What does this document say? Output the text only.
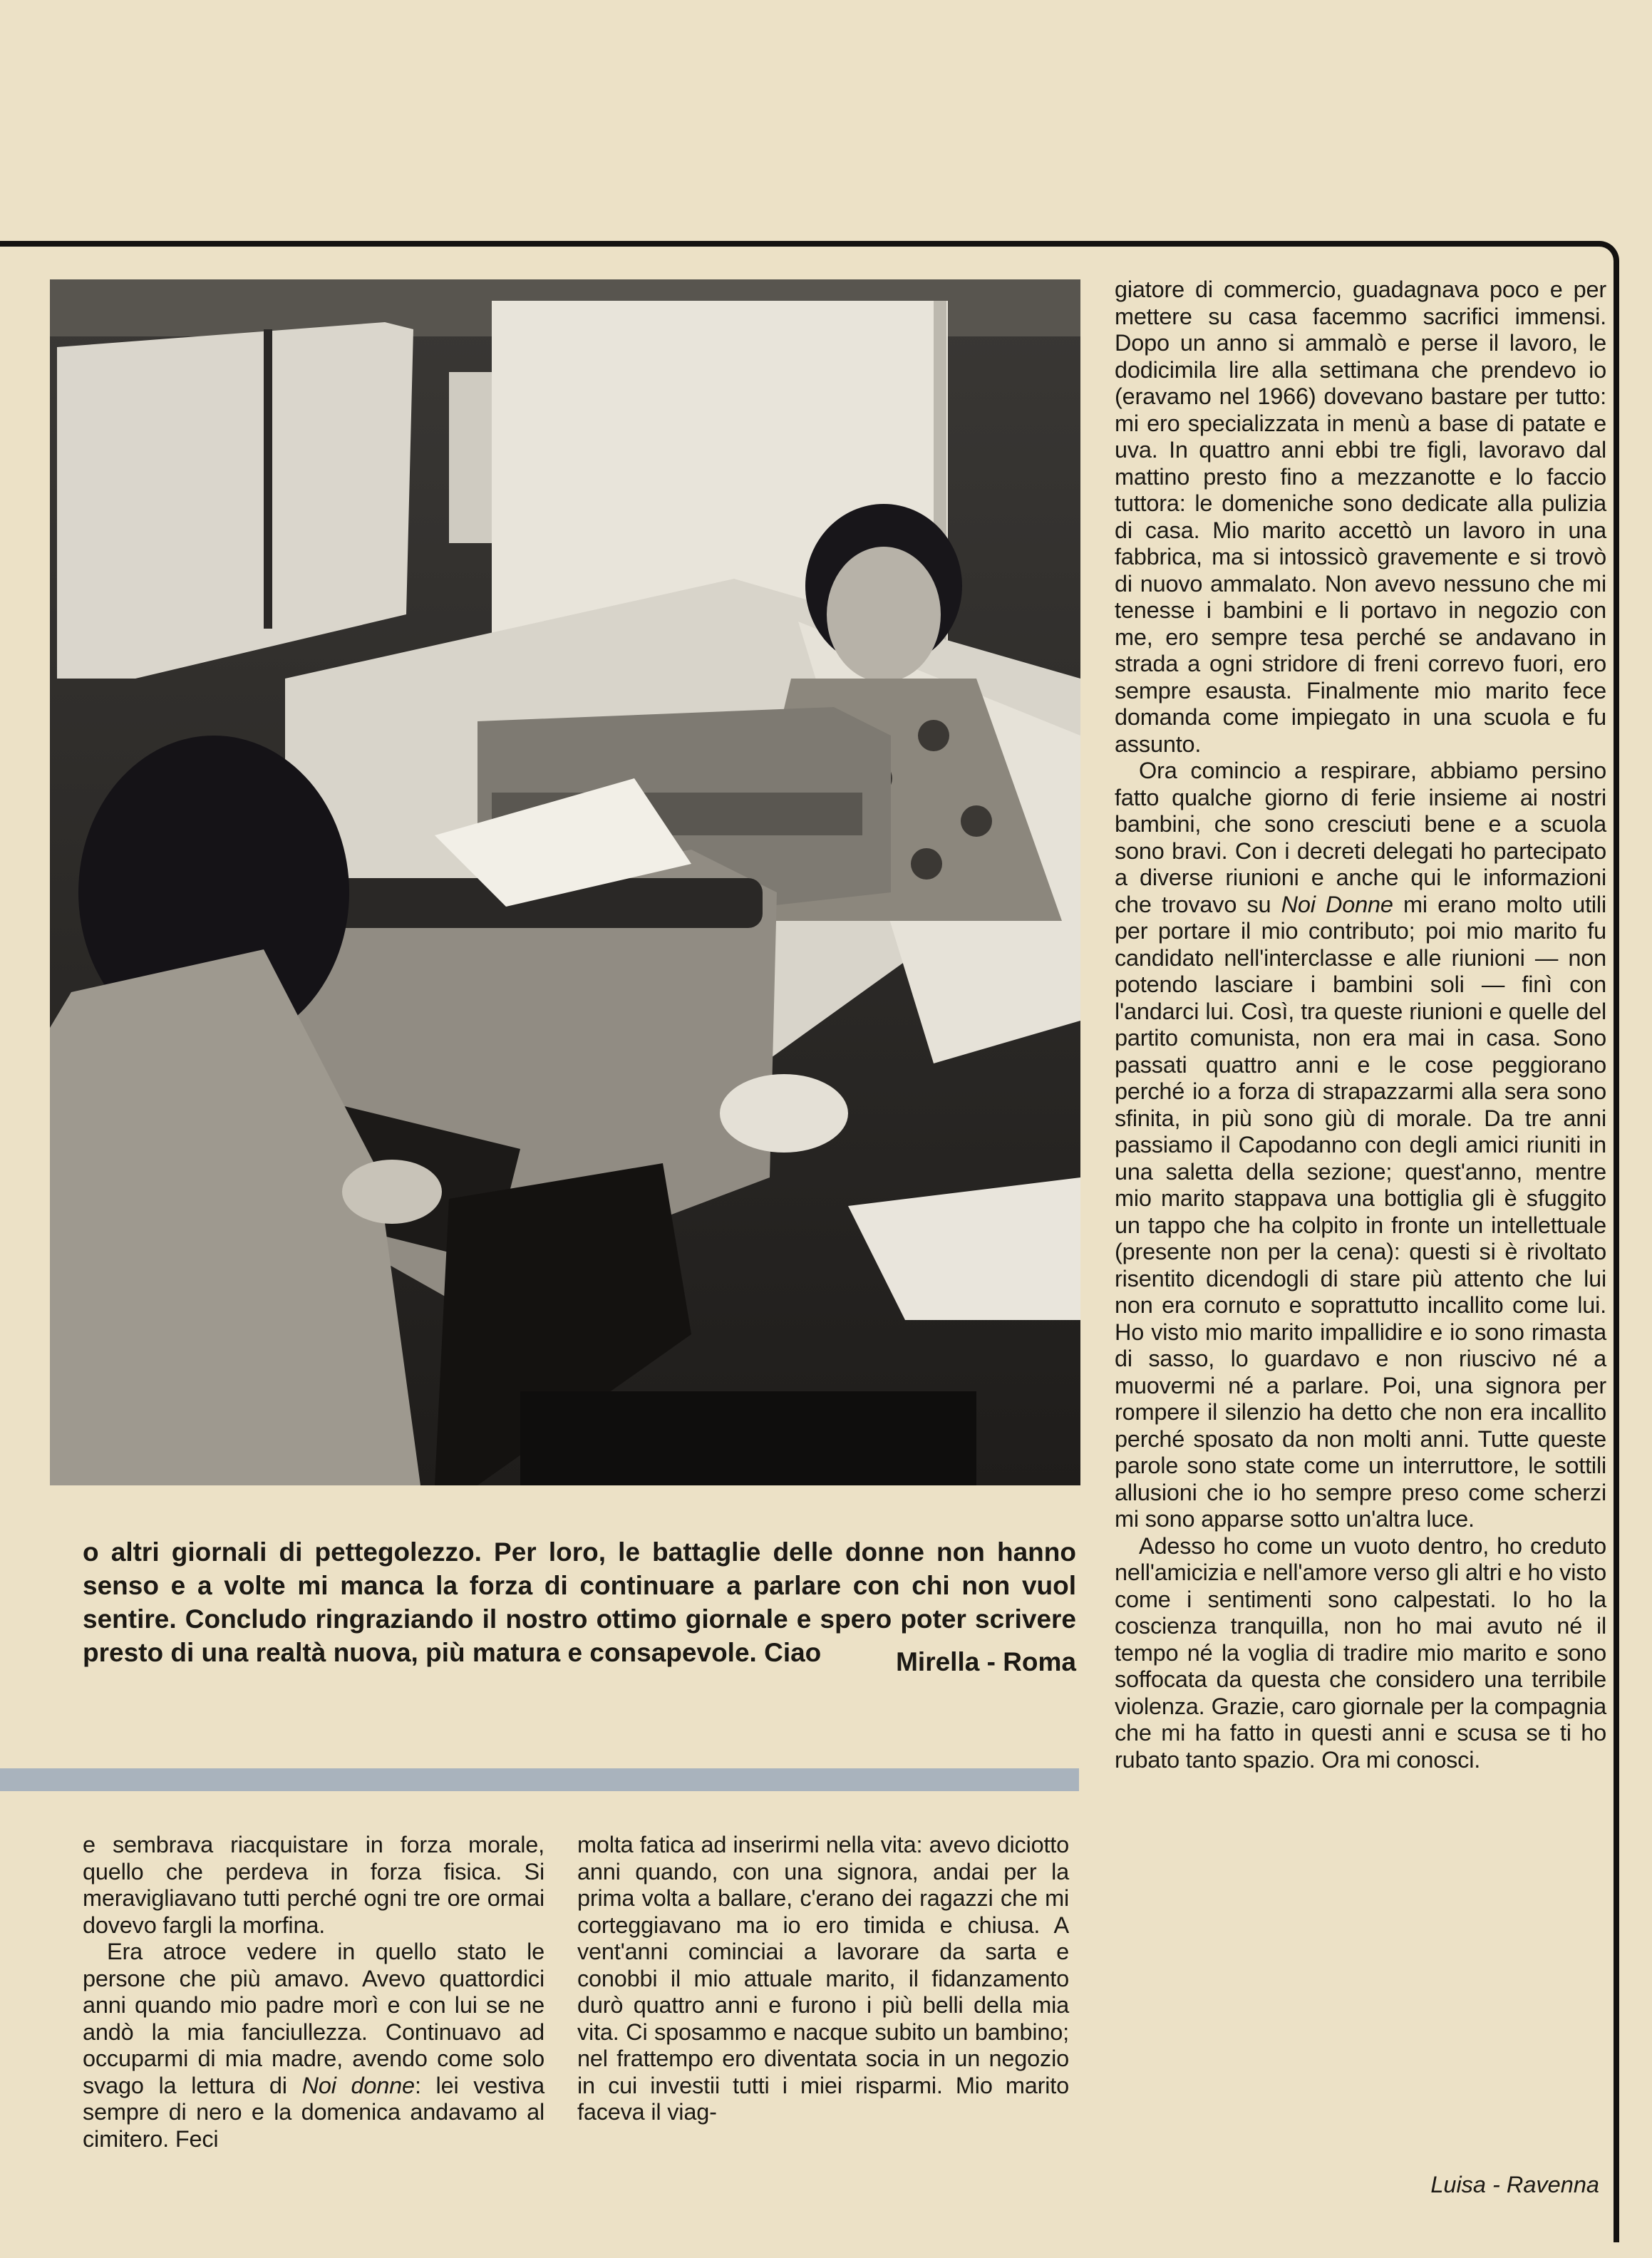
giatore di commercio, guadagnava poco e per mettere su casa facemmo sacrifici immensi. Dopo un anno si ammalò e perse il lavoro, le dodicimila lire alla settimana che prendevo io (eravamo nel 1966) dovevano bastare per tutto: mi ero specializzata in menù a base di patate e uva. In quattro anni ebbi tre figli, lavoravo dal mattino presto fino a mezzanotte e lo faccio tuttora: le domeniche sono dedicate alla pulizia di casa. Mio marito accettò un lavoro in una fabbrica, ma si intossicò gravemente e si trovò di nuovo ammalato. Non avevo nessuno che mi tenesse i bambini e li portavo in negozio con me, ero sempre tesa perché se andavano in strada a ogni stridore di freni correvo fuori, ero sempre esausta. Finalmente mio marito fece domanda come impiegato in una scuola e fu assunto.

Ora comincio a respirare, abbiamo persino fatto qualche giorno di ferie insieme ai nostri bambini, che sono cresciuti bene e a scuola sono bravi. Con i decreti delegati ho partecipato a diverse riunioni e anche qui le informazioni che trovavo su Noi Donne mi erano molto utili per portare il mio contributo; poi mio marito fu candidato nell'interclasse e alle riunioni — non potendo lasciare i bambini soli — finì con l'andarci lui. Così, tra queste riunioni e quelle del partito comunista, non era mai in casa. Sono passati quattro anni e le cose peggiorano perché io a forza di strapazzarmi alla sera sono sfinita, in più sono giù di morale. Da tre anni passiamo il Capodanno con degli amici riuniti in una saletta della sezione; quest'anno, mentre mio marito stappava una bottiglia gli è sfuggito un tappo che ha colpito in fronte un intellettuale (presente non per la cena): questi si è rivoltato risentito dicendogli di stare più attento che lui non era cornuto e soprattutto incallito come lui. Ho visto mio marito impallidire e io sono rimasta di sasso, lo guardavo e non riuscivo né a muovermi né a parlare. Poi, una signora per rompere il silenzio ha detto che non era incallito perché sposato da non molti anni. Tutte queste parole sono state come un interruttore, le sottili allusioni che io ho sempre preso come scherzi mi sono apparse sotto un'altra luce.

Adesso ho come un vuoto dentro, ho creduto nell'amicizia e nell'amore verso gli altri e ho visto come i sentimenti sono calpestati. Io ho la coscienza tranquilla, non ho mai avuto né il tempo né la voglia di tradire mio marito e sono soffocata da questa che considero una terribile violenza. Grazie, caro giornale per la compagnia che mi ha fatto in questi anni e scusa se ti ho rubato tanto spazio. Ora mi conosci.

o altri giornali di pettegolezzo. Per loro, le battaglie delle donne non hanno senso e a volte mi manca la forza di continuare a parlare con chi non vuol sentire. Concludo ringraziando il nostro ottimo giornale e spero poter scrivere presto di una realtà nuova, più matura e consapevole. Ciao	Mirella - Roma

e sembrava riacquistare in forza morale, quello che perdeva in forza fisica. Si meravigliavano tutti perché ogni tre ore ormai dovevo fargli la morfina.

Era atroce vedere in quello stato le persone che più amavo. Avevo quattordici anni quando mio padre morì e con lui se ne andò la mia fanciullezza. Continuavo ad occuparmi di mia madre, avendo come solo svago la lettura di Noi donne: lei vestiva sempre di nero e la domenica andavamo al cimitero. Feci

molta fatica ad inserirmi nella vita: avevo diciotto anni quando, con una signora, andai per la prima volta a ballare, c'erano dei ragazzi che mi corteggiavano ma io ero timida e chiusa. A vent'anni cominciai a lavorare da sarta e conobbi il mio attuale marito, il fidanzamento durò quattro anni e furono i più belli della mia vita. Ci sposammo e nacque subito un bambino; nel frattempo ero diventata socia in un negozio in cui investii tutti i miei risparmi. Mio marito faceva il viag-

Luisa - Ravenna
